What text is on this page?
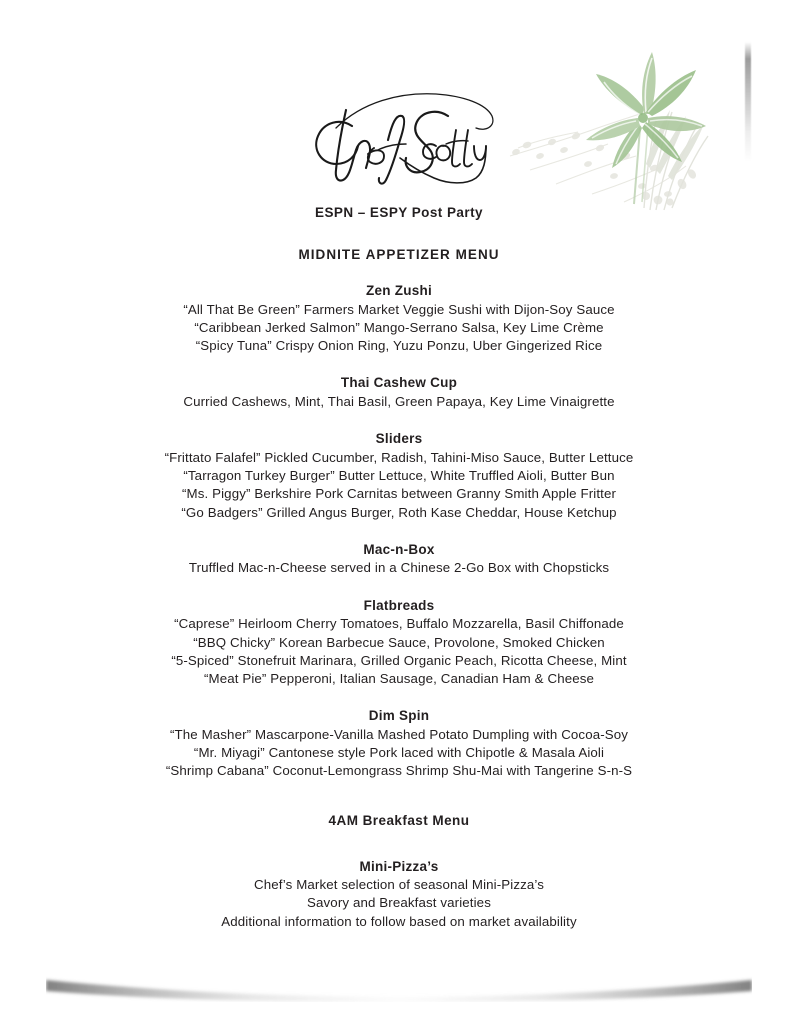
ESPN – ESPY Post Party
MIDNITE APPETIZER MENU

Zen Zushi

“All That Be Green” Farmers Market Veggie Sushi with Dijon-Soy Sauce

“Caribbean Jerked Salmon” Mango-Serrano Salsa, Key Lime Crème

“Spicy Tuna” Crispy Onion Ring, Yuzu Ponzu, Uber Gingerized Rice

Thai Cashew Cup

Curried Cashews, Mint, Thai Basil, Green Papaya, Key Lime Vinaigrette

Sliders

“Frittato Falafel” Pickled Cucumber, Radish, Tahini-Miso Sauce, Butter Lettuce

“Tarragon Turkey Burger” Butter Lettuce, White Truffled Aioli, Butter Bun

“Ms. Piggy” Berkshire Pork Carnitas between Granny Smith Apple Fritter

“Go Badgers” Grilled Angus Burger, Roth Kase Cheddar, House Ketchup

Mac-n-Box

Truffled Mac-n-Cheese served in a Chinese 2-Go Box with Chopsticks

Flatbreads

“Caprese” Heirloom Cherry Tomatoes, Buffalo Mozzarella, Basil Chiffonade

“BBQ Chicky” Korean Barbecue Sauce, Provolone, Smoked Chicken

“5-Spiced” Stonefruit Marinara, Grilled Organic Peach, Ricotta Cheese, Mint

“Meat Pie” Pepperoni, Italian Sausage, Canadian Ham & Cheese

Dim Spin

“The Masher” Mascarpone-Vanilla Mashed Potato Dumpling with Cocoa-Soy

“Mr. Miyagi” Cantonese style Pork laced with Chipotle & Masala Aioli

“Shrimp Cabana” Coconut-Lemongrass Shrimp Shu-Mai with Tangerine S-n-S

4AM Breakfast Menu

Mini-Pizza’s

Chef’s Market selection of seasonal Mini-Pizza’s

Savory and Breakfast varieties

Additional information to follow based on market availability
